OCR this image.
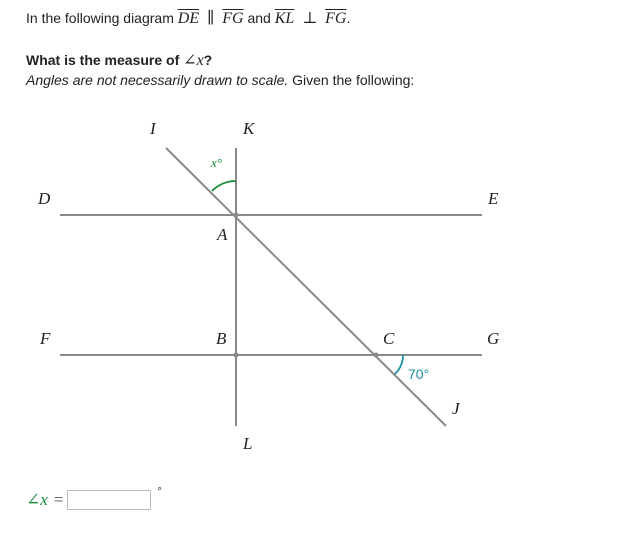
In the following diagram $\overline{DE}$ ∥ $\overline{FG}$ and $\overline{KL}$ ⊥ $\overline{FG}$.
What is the measure of ∠x?
Angles are not necessarily drawn to scale. Given the following:
I	K
D	E
A
F	B	C	G
J
L
x°
70°
∠x =	°
